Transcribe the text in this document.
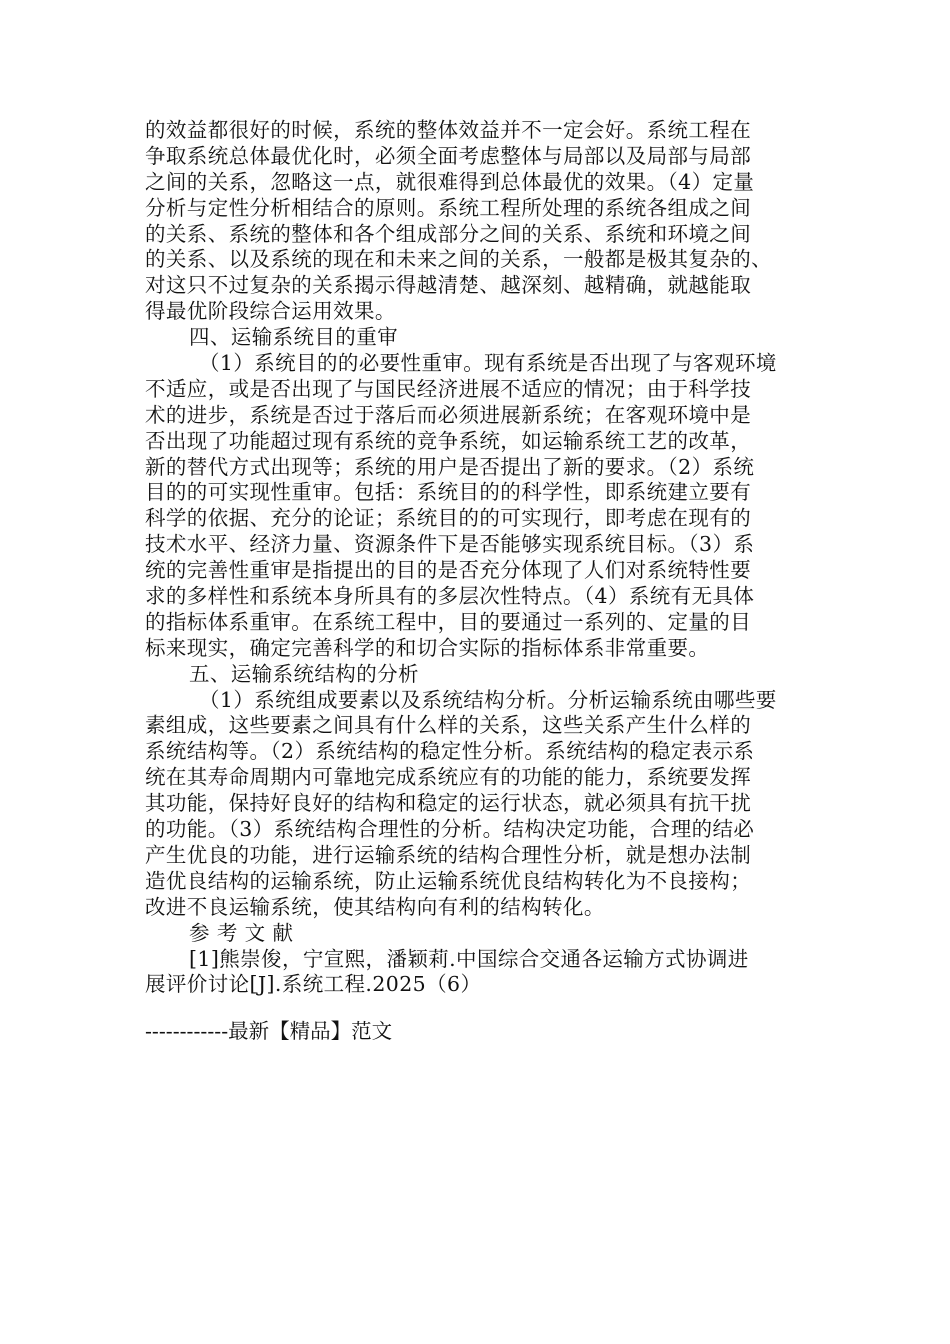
的效益都很好的时候，系统的整体效益并不一定会好。系统工程在
争取系统总体最优化时，必须全面考虑整体与局部以及局部与局部
之间的关系，忽略这一点，就很难得到总体最优的效果。（4）定量
分析与定性分析相结合的原则。系统工程所处理的系统各组成之间
的关系、系统的整体和各个组成部分之间的关系、系统和环境之间
的关系、以及系统的现在和未来之间的关系，一般都是极其复杂的、
对这只不过复杂的关系揭示得越清楚、越深刻、越精确，就越能取
得最优阶段综合运用效果。
四、运输系统目的重审
（1）系统目的的必要性重审。现有系统是否出现了与客观环境
不适应，或是否出现了与国民经济进展不适应的情况；由于科学技
术的进步，系统是否过于落后而必须进展新系统；在客观环境中是
否出现了功能超过现有系统的竞争系统，如运输系统工艺的改革，
新的替代方式出现等；系统的用户是否提出了新的要求。（2）系统
目的的可实现性重审。包括：系统目的的科学性，即系统建立要有
科学的依据、充分的论证；系统目的的可实现行，即考虑在现有的
技术水平、经济力量、资源条件下是否能够实现系统目标。（3）系
统的完善性重审是指提出的目的是否充分体现了人们对系统特性要
求的多样性和系统本身所具有的多层次性特点。（4）系统有无具体
的指标体系重审。在系统工程中，目的要通过一系列的、定量的目
标来现实，确定完善科学的和切合实际的指标体系非常重要。
五、运输系统结构的分析
（1）系统组成要素以及系统结构分析。分析运输系统由哪些要
素组成，这些要素之间具有什么样的关系，这些关系产生什么样的
系统结构等。（2）系统结构的稳定性分析。系统结构的稳定表示系
统在其寿命周期内可靠地完成系统应有的功能的能力，系统要发挥
其功能，保持好良好的结构和稳定的运行状态，就必须具有抗干扰
的功能。（3）系统结构合理性的分析。结构决定功能，合理的结必
产生优良的功能，进行运输系统的结构合理性分析，就是想办法制
造优良结构的运输系统，防止运输系统优良结构转化为不良接构；
改进不良运输系统，使其结构向有利的结构转化。
参 考 文 献
[1]熊崇俊，宁宣熙，潘颖莉.中国综合交通各运输方式协调进
展评价讨论[J].系统工程.2025（6）
------------最新【精品】范文
